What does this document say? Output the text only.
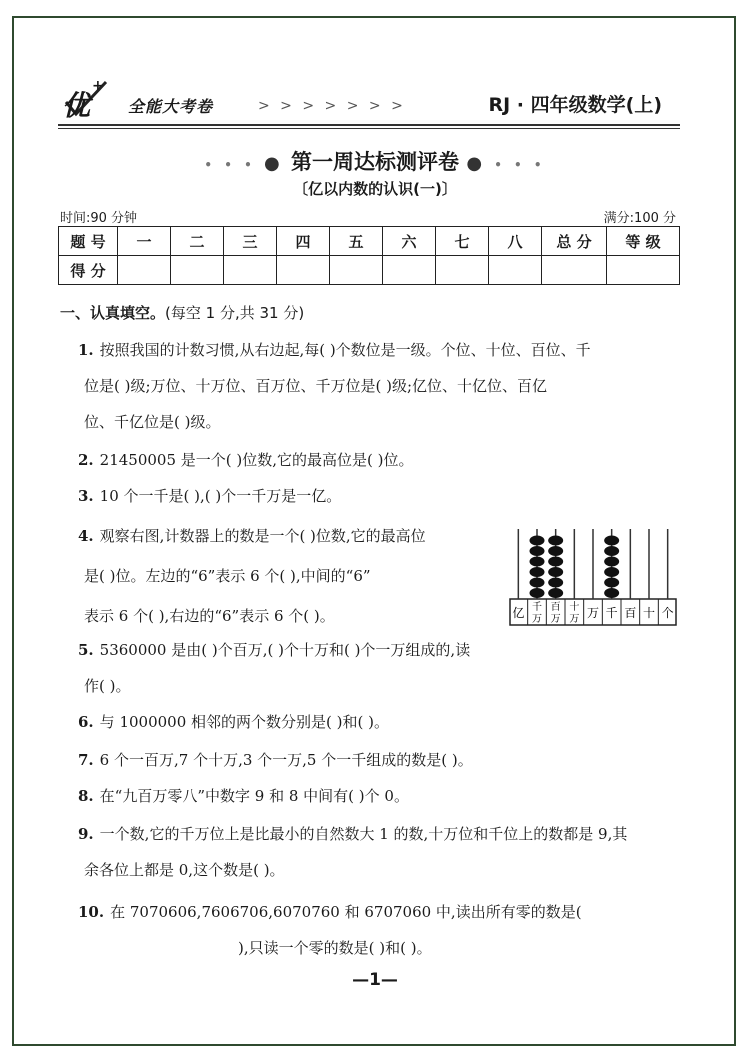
优
+
全能大考卷	> > > > > > >	RJ · 四年级数学(上)
• • • ● 第一周达标测评卷 ● • • •
〔亿以内数的认识(一)〕
时间:90 分钟	满分:100 分
题 号	一	二	三	四	五	六	七	八	总 分	等 级
得 分										
一、认真填空。(每空 1 分,共 31 分)
1. 按照我国的计数习惯,从右边起,每( )个数位是一级。个位、十位、百位、千
位是( )级;万位、十万位、百万位、千万位是( )级;亿位、十亿位、百亿
位、千亿位是( )级。
2. 21450005 是一个( )位数,它的最高位是( )位。
3. 10 个一千是( ),( )个一千万是一亿。
4. 观察右图,计数器上的数是一个( )位数,它的最高位
是( )位。左边的“6”表示 6 个( ),中间的“6”
表示 6 个( ),右边的“6”表示 6 个( )。	亿 千万
百万
十万 万 千 百 十 个
5. 5360000 是由( )个百万,( )个十万和( )个一万组成的,读
作( )。
6. 与 1000000 相邻的两个数分别是( )和( )。
7. 6 个一百万,7 个十万,3 个一万,5 个一千组成的数是( )。
8. 在“九百万零八”中数字 9 和 8 中间有( )个 0。
9. 一个数,它的千万位上是比最小的自然数大 1 的数,十万位和千位上的数都是 9,其
余各位上都是 0,这个数是( )。
10. 在 7070606,7606706,6070760 和 6707060 中,读出所有零的数是(
),只读一个零的数是( )和( )。
—1—
